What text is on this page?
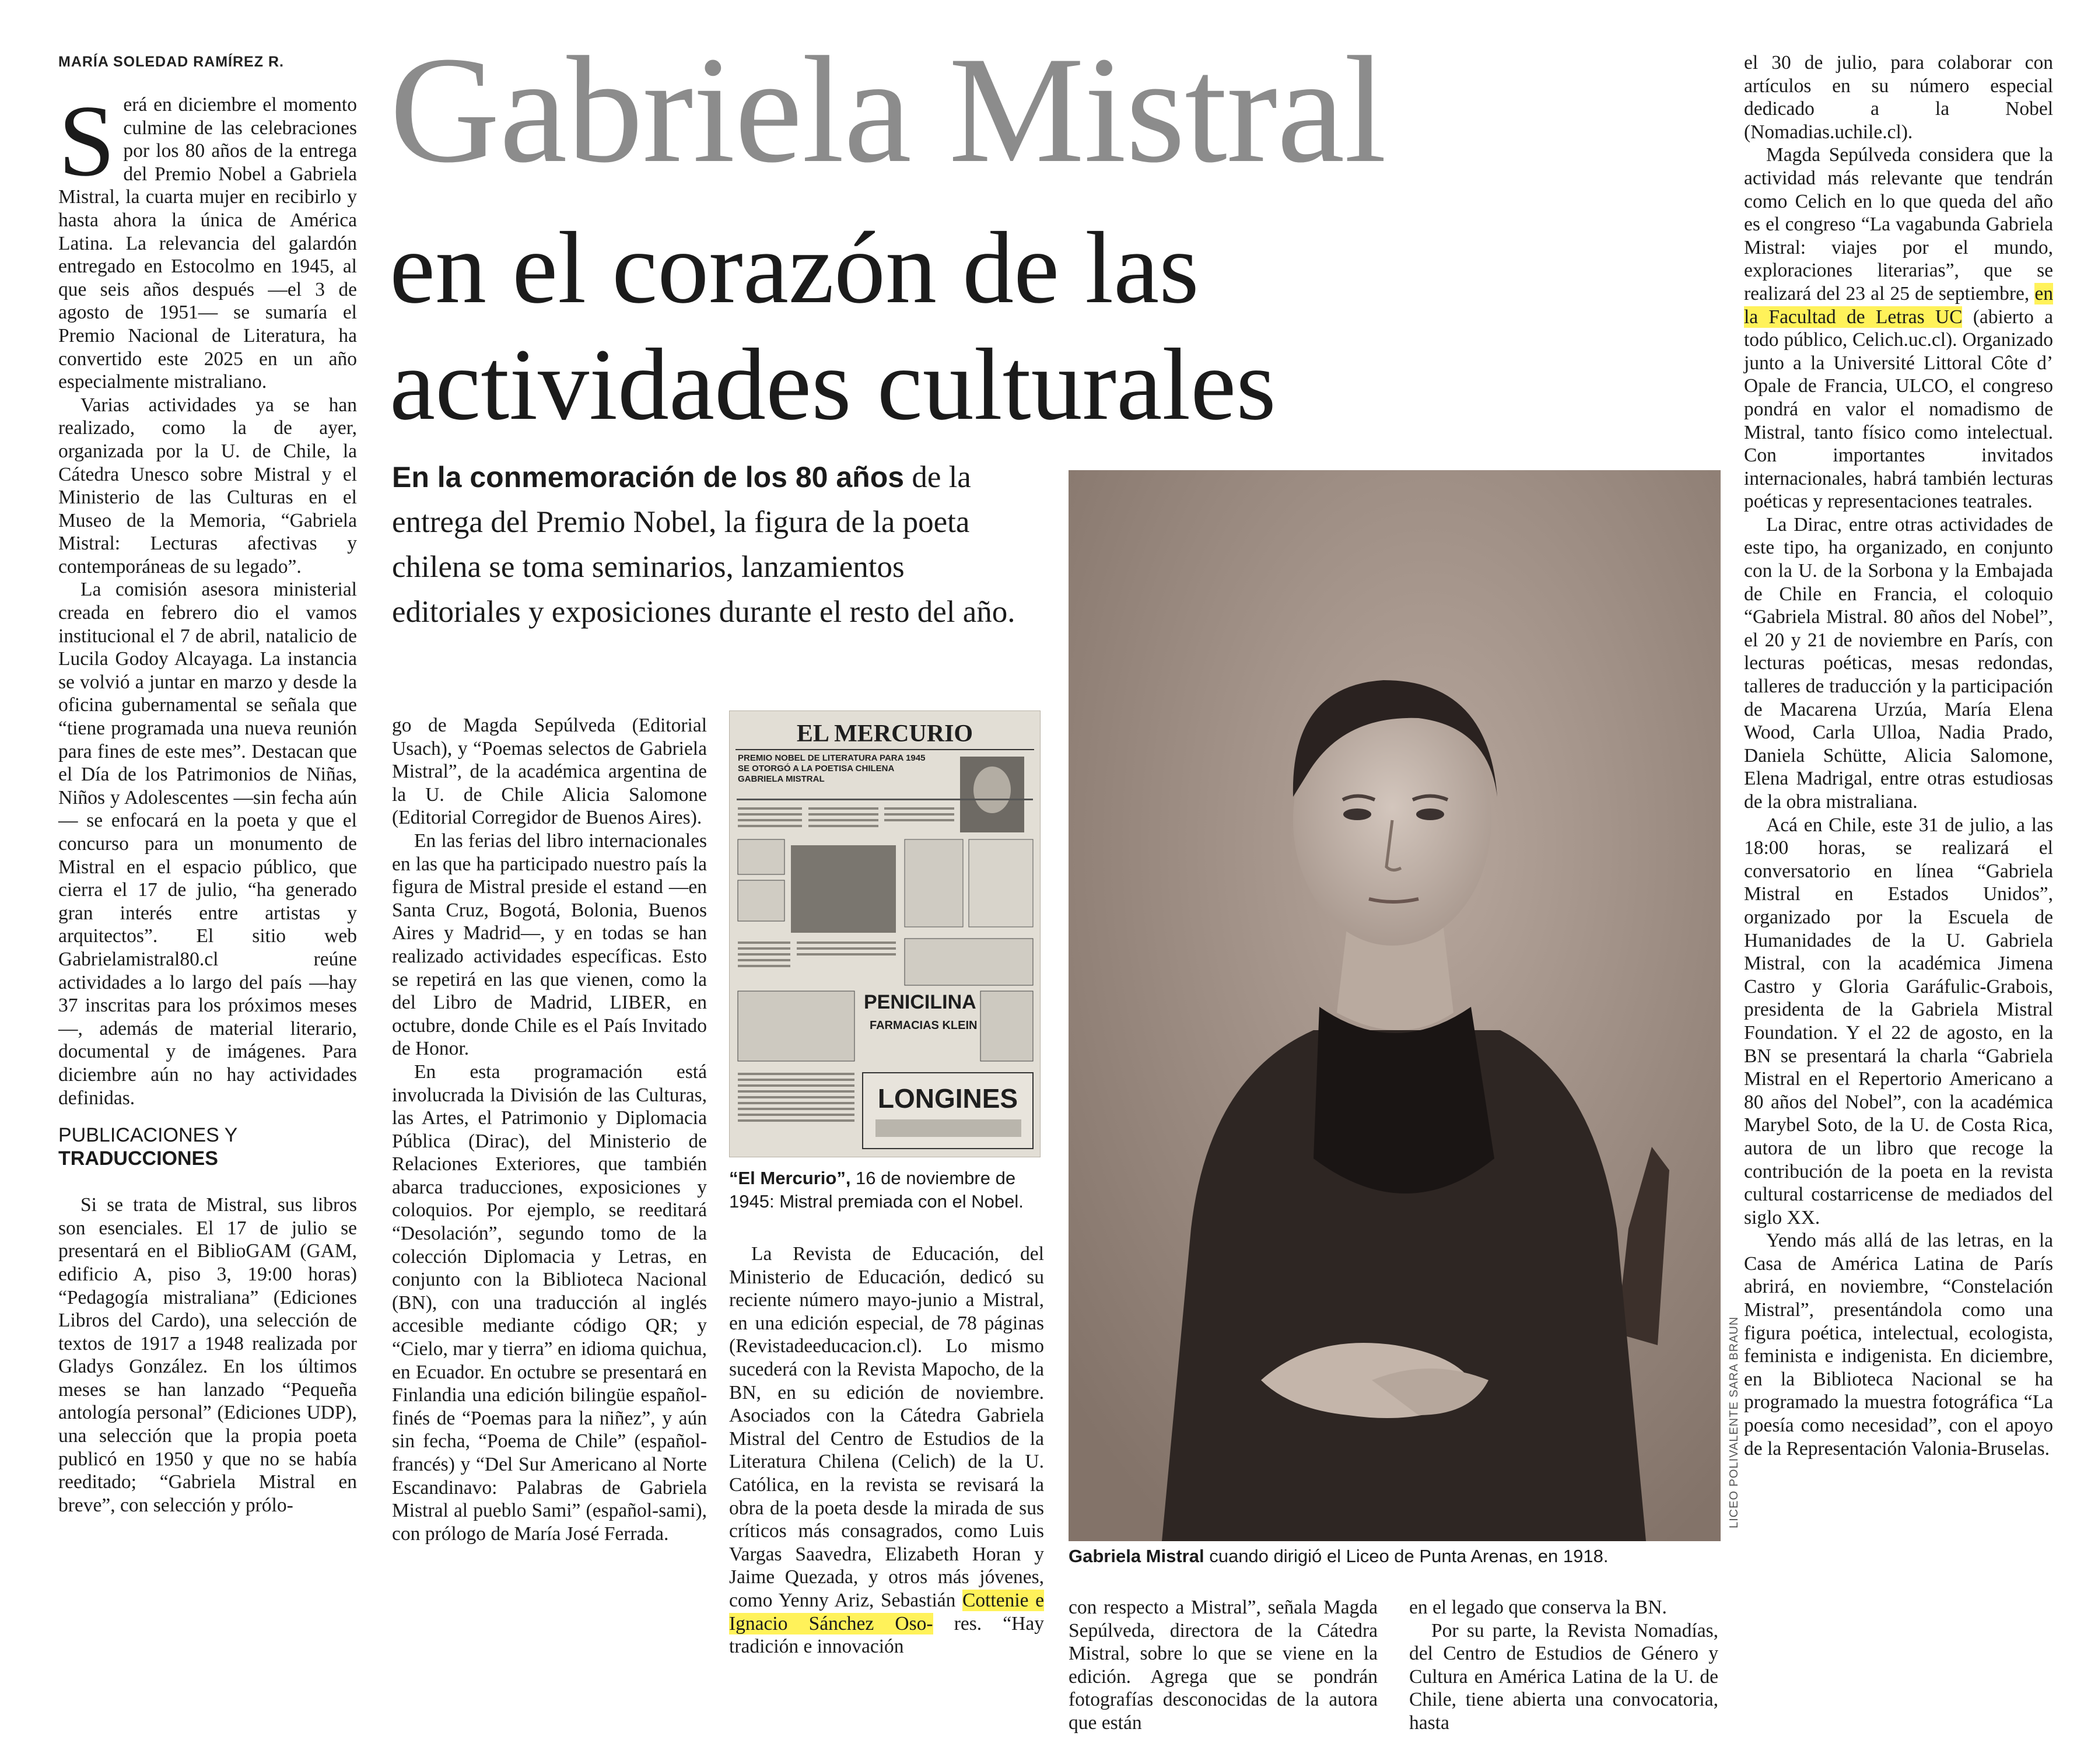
MARÍA SOLEDAD RAMÍREZ R. Gabriela Mistral
en el corazón de las
actividades culturales
En la conmemoración de los 80 años de la entrega del Premio Nobel, la figura de la poeta chilena se toma seminarios, lanzamientos editoriales y exposiciones durante el resto del año.

Será en diciembre el momento culmine de las celebraciones por los 80 años de la entrega del Premio Nobel a Gabriela Mistral, la cuarta mujer en recibirlo y hasta ahora la única de América Latina. La relevancia del galardón entregado en Estocolmo en 1945, al que seis años después —el 3 de agosto de 1951— se sumaría el Premio Nacional de Literatura, ha convertido este 2025 en un año especialmente mistraliano.

Varias actividades ya se han realizado, como la de ayer, organizada por la U. de Chile, la Cátedra Unesco sobre Mistral y el Ministerio de las Culturas en el Museo de la Memoria, “Gabriela Mistral: Lecturas afectivas y contemporáneas de su legado”.

La comisión asesora ministerial creada en febrero dio el vamos institucional el 7 de abril, natalicio de Lucila Godoy Alcayaga. La instancia se volvió a juntar en marzo y desde la oficina gubernamental se señala que “tiene programada una nueva reunión para fines de este mes”. Destacan que el Día de los Patrimonios de Niñas, Niños y Adolescentes —sin fecha aún— se enfocará en la poeta y que el concurso para un monumento de Mistral en el espacio público, que cierra el 17 de julio, “ha generado gran interés entre artistas y arquitectos”. El sitio web Gabrielamistral80.cl reúne actividades a lo largo del país —hay 37 inscritas para los próximos meses—, además de material literario, documental y de imágenes. Para diciembre aún no hay actividades definidas.

PUBLICACIONES Y
TRADUCCIONES

Si se trata de Mistral, sus libros son esenciales. El 17 de julio se presentará en el BiblioGAM (GAM, edificio A, piso 3, 19:00 horas) “Pedagogía mistraliana” (Ediciones Libros del Cardo), una selección de textos de 1917 a 1948 realizada por Gladys González. En los últimos meses se han lanzado “Pequeña antología personal” (Ediciones UDP), una selección que la propia poeta publicó en 1950 y que no se había reeditado; “Gabriela Mistral en breve”, con selección y prólo-

go de Magda Sepúlveda (Editorial Usach), y “Poemas selectos de Gabriela Mistral”, de la académica argentina de la U. de Chile Alicia Salomone (Editorial Corregidor de Buenos Aires).

En las ferias del libro internacionales en las que ha participado nuestro país la figura de Mistral preside el estand —en Santa Cruz, Bogotá, Bolonia, Buenos Aires y Madrid—, y en todas se han realizado actividades específicas. Esto se repetirá en las que vienen, como la del Libro de Madrid, LIBER, en octubre, donde Chile es el País Invitado de Honor.

En esta programación está involucrada la División de las Culturas, las Artes, el Patrimonio y Diplomacia Pública (Dirac), del Ministerio de Relaciones Exteriores, que también abarca traducciones, exposiciones y coloquios. Por ejemplo, se reeditará “Desolación”, segundo tomo de la colección Diplomacia y Letras, en conjunto con la Biblioteca Nacional (BN), con una traducción al inglés accesible mediante código QR; y “Cielo, mar y tierra” en idioma quichua, en Ecuador. En octubre se presentará en Finlandia una edición bilingüe español-finés de “Poemas para la niñez”, y aún sin fecha, “Poema de Chile” (español-francés) y “Del Sur Americano al Norte Escandinavo: Palabras de Gabriela Mistral al pueblo Sami” (español-sami), con prólogo de María José Ferrada.

EL MERCURIO
PREMIO NOBEL DE LITERATURA PARA 1945 SE OTORGÓ A LA POETISA CHILENA GABRIELA MISTRAL
PENICILINA
FARMACIAS KLEIN
LONGINES
“El Mercurio”, 16 de noviembre de 1945: Mistral premiada con el Nobel.

La Revista de Educación, del Ministerio de Educación, dedicó su reciente número mayo-junio a Mistral, en una edición especial, de 78 páginas (Revistadeeducacion.cl). Lo mismo sucederá con la Revista Mapocho, de la BN, en su edición de noviembre. Asociados con la Cátedra Gabriela Mistral del Centro de Estudios de la Literatura Chilena (Celich) de la U. Católica, en la revista se revisará la obra de la poeta desde la mirada de sus críticos más consagrados, como Luis Vargas Saavedra, Elizabeth Horan y Jaime Quezada, y otros más jóvenes, como Yenny Ariz, Sebastián Cottenie e Ignacio Sánchez Oso- res. “Hay tradición e innovación

LICEO POLIVALENTE SARA BRAUN
Gabriela Mistral cuando dirigió el Liceo de Punta Arenas, en 1918.

con respecto a Mistral”, señala Magda Sepúlveda, directora de la Cátedra Mistral, sobre lo que se viene en la edición. Agrega que se pondrán fotografías desconocidas de la autora que están

en el legado que conserva la BN.

Por su parte, la Revista Nomadías, del Centro de Estudios de Género y Cultura en América Latina de la U. de Chile, tiene abierta una convocatoria, hasta

el 30 de julio, para colaborar con artículos en su número especial dedicado a la Nobel (Nomadias.uchile.cl).

Magda Sepúlveda considera que la actividad más relevante que tendrán como Celich en lo que queda del año es el congreso “La vagabunda Gabriela Mistral: viajes por el mundo, exploraciones literarias”, que se realizará del 23 al 25 de septiembre, en la Facultad de Letras UC (abierto a todo público, Celich.uc.cl). Organizado junto a la Université Littoral Côte d’ Opale de Francia, ULCO, el congreso pondrá en valor el nomadismo de Mistral, tanto físico como intelectual. Con importantes invitados internacionales, habrá también lecturas poéticas y representaciones teatrales.

La Dirac, entre otras actividades de este tipo, ha organizado, en conjunto con la U. de la Sorbona y la Embajada de Chile en Francia, el coloquio “Gabriela Mistral. 80 años del Nobel”, el 20 y 21 de noviembre en París, con lecturas poéticas, mesas redondas, talleres de traducción y la participación de Macarena Urzúa, María Elena Wood, Carla Ulloa, Nadia Prado, Daniela Schütte, Alicia Salomone, Elena Madrigal, entre otras estudiosas de la obra mistraliana.

Acá en Chile, este 31 de julio, a las 18:00 horas, se realizará el conversatorio en línea “Gabriela Mistral en Estados Unidos”, organizado por la Escuela de Humanidades de la U. Gabriela Mistral, con la académica Jimena Castro y Gloria Garáfulic-Grabois, presidenta de la Gabriela Mistral Foundation. Y el 22 de agosto, en la BN se presentará la charla “Gabriela Mistral en el Repertorio Americano a 80 años del Nobel”, con la académica Marybel Soto, de la U. de Costa Rica, autora de un libro que recoge la contribución de la poeta en la revista cultural costarricense de mediados del siglo XX.

Yendo más allá de las letras, en la Casa de América Latina de París abrirá, en noviembre, “Constelación Mistral”, presentándola como una figura poética, intelectual, ecologista, feminista e indigenista. En diciembre, en la Biblioteca Nacional se ha programado la muestra fotográfica “La poesía como necesidad”, con el apoyo de la Representación Valonia-Bruselas.
